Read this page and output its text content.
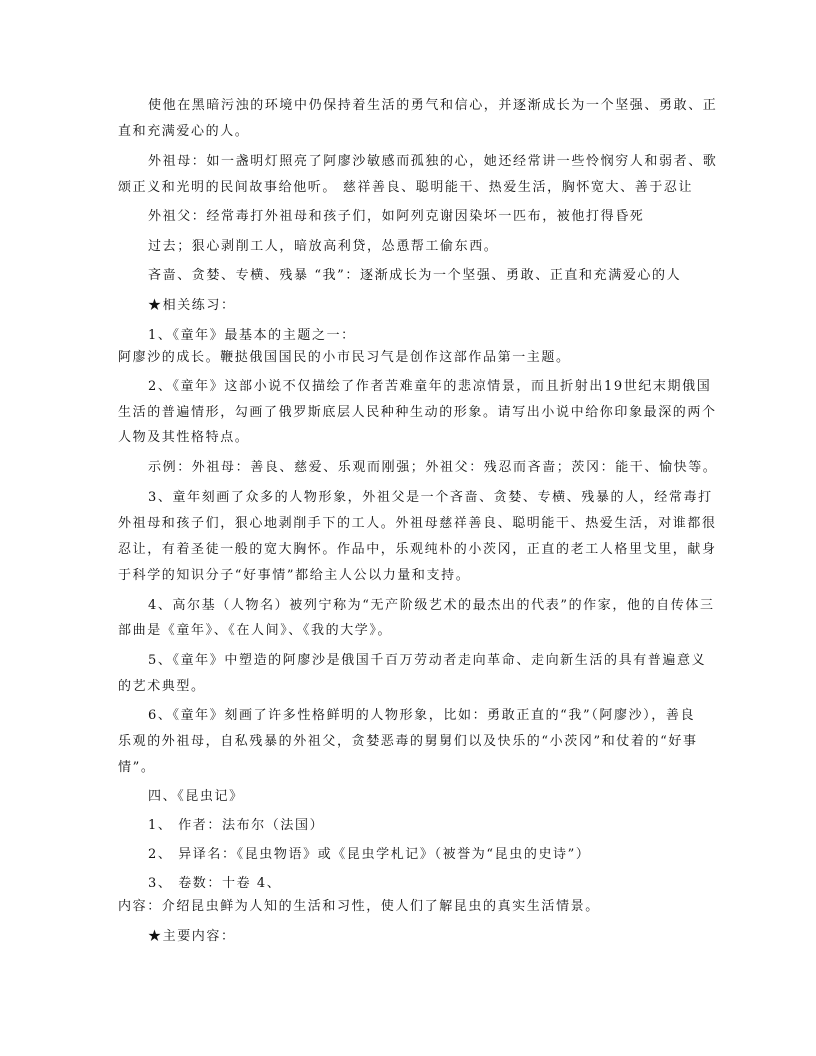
使他在黑暗污浊的环境中仍保持着生活的勇气和信心，并逐渐成长为一个坚强、勇敢、正
直和充满爱心的人。
外祖母：如一盏明灯照亮了阿廖沙敏感而孤独的心，她还经常讲一些怜悯穷人和弱者、歌
颂正义和光明的民间故事给他听。 慈祥善良、聪明能干、热爱生活，胸怀宽大、善于忍让
外祖父：经常毒打外祖母和孩子们，如阿列克谢因染坏一匹布，被他打得昏死
过去；狠心剥削工人，暗放高利贷，怂恿帮工偷东西。
吝啬、贪婪、专横、残暴 “我”：逐渐成长为一个坚强、勇敢、正直和充满爱心的人
★相关练习：
1、《童年》最基本的主题之一：
阿廖沙的成长。鞭挞俄国国民的小市民习气是创作这部作品第一主题。
2、《童年》这部小说不仅描绘了作者苦难童年的悲凉情景，而且折射出19世纪末期俄国
生活的普遍情形，勾画了俄罗斯底层人民种种生动的形象。请写出小说中给你印象最深的两个
人物及其性格特点。
示例：外祖母：善良、慈爱、乐观而刚强；外祖父：残忍而吝啬；茨冈：能干、愉快等。
3、童年刻画了众多的人物形象，外祖父是一个吝啬、贪婪、专横、残暴的人，经常毒打
外祖母和孩子们，狠心地剥削手下的工人。外祖母慈祥善良、聪明能干、热爱生活，对谁都很
忍让，有着圣徒一般的宽大胸怀。作品中，乐观纯朴的小茨冈，正直的老工人格里戈里，献身
于科学的知识分子“好事情”都给主人公以力量和支持。
4、高尔基（人物名）被列宁称为“无产阶级艺术的最杰出的代表”的作家，他的自传体三
部曲是《童年》、《在人间》、《我的大学》。
5、《童年》中塑造的阿廖沙是俄国千百万劳动者走向革命、走向新生活的具有普遍意义
的艺术典型。
6、《童年》刻画了许多性格鲜明的人物形象，比如：勇敢正直的“我”（阿廖沙），善良
乐观的外祖母，自私残暴的外祖父，贪婪恶毒的舅舅们以及快乐的“小茨冈”和仗着的“好事
情”。
四、《昆虫记》
1、 作者：法布尔（法国）
2、 异译名：《昆虫物语》或《昆虫学札记》（被誉为“昆虫的史诗”）
3、 卷数：十卷 4、
内容：介绍昆虫鲜为人知的生活和习性，使人们了解昆虫的真实生活情景。
★主要内容：
